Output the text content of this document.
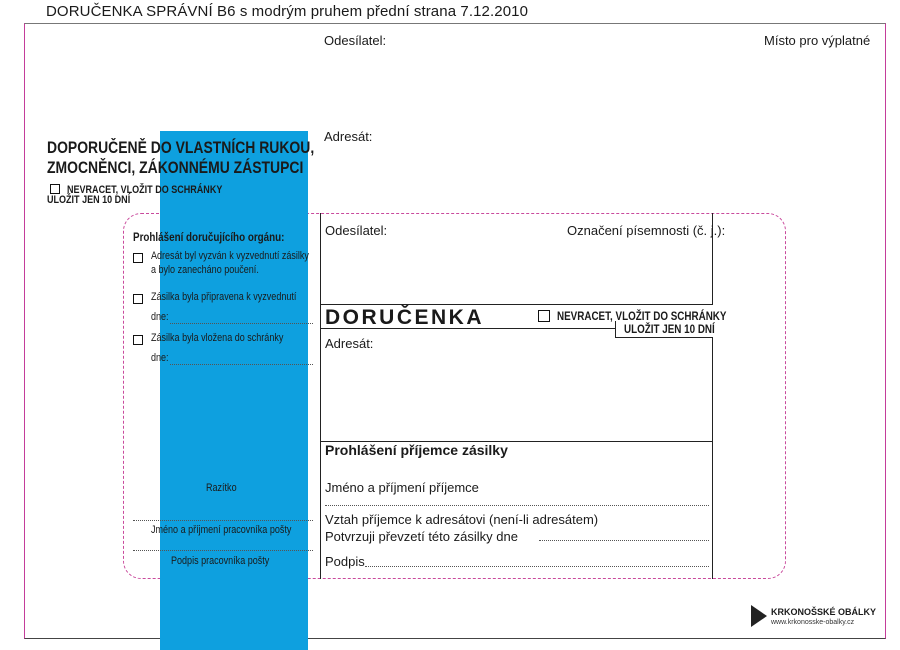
DORUČENKA SPRÁVNÍ B6 s modrým pruhem přední strana 7.12.2010
Odesílatel:	Místo pro výplatné
Adresát:
DOPORUČENĚ DO VLASTNÍCH RUKOU,
ZMOCNĚNCI, ZÁKONNÉMU ZÁSTUPCI
NEVRACET, VLOŽIT DO SCHRÁNKY
ULOŽIT JEN 10 DNÍ
Prohlášení doručujícího orgánu:
Adresát byl vyzván k vyzvednutí zásilky
a bylo zanecháno poučení.
Zásilka byla připravena k vyzvednutí
dne:
Zásilka byla vložena do schránky
dne:
Razítko
Jméno a příjmení pracovníka pošty
Podpis pracovníka pošty
Odesílatel:	Označení písemnosti (č. j.):
DORUČENKA	NEVRACET, VLOŽIT DO SCHRÁNKY
ULOŽIT JEN 10 DNÍ
Adresát:
Prohlášení příjemce zásilky
Jméno a příjmení příjemce
Vztah příjemce k adresátovi (není-li adresátem)
Potvrzuji převzetí této zásilky dne
Podpis
KRKONOŠSKÉ OBÁLKY
www.krkonosske-obalky.cz
